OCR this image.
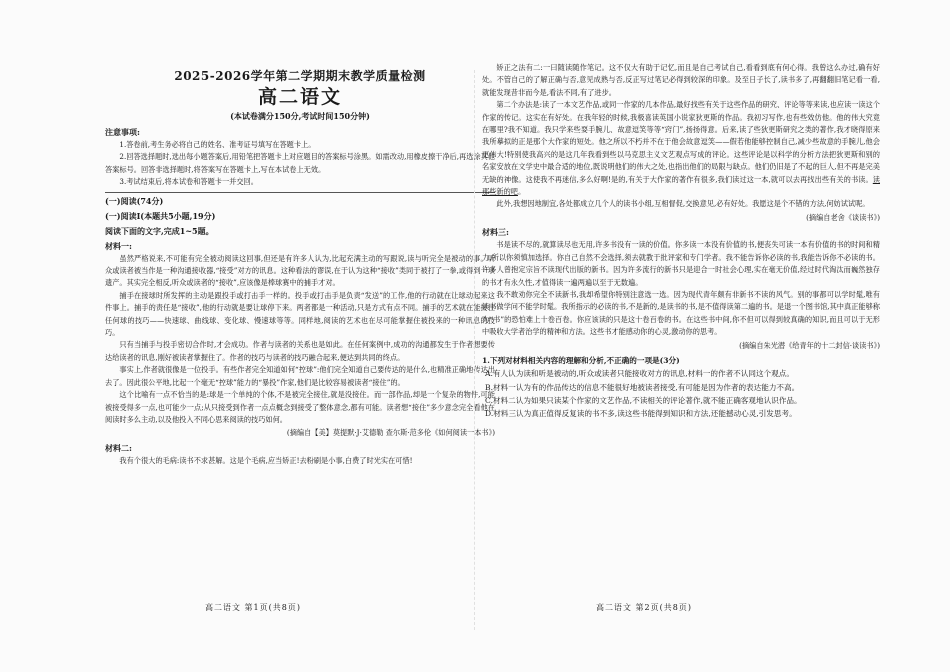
2025-2026学年第二学期期末教学质量检测
高二语文
(本试卷满分150分,考试时间150分钟)
注意事项:

1.答卷前,考生务必将自己的姓名、准考证号填写在答题卡上。

2.回答选择题时,选出每小题答案后,用铅笔把答题卡上对应题目的答案标号涂黑。如需改动,用橡皮擦干净后,再选涂其他答案标号。回答非选择题时,将答案写在答题卡上,写在本试卷上无效。

3.考试结束后,将本试卷和答题卡一并交回。

(一)阅读(74分)
(一)阅读Ⅰ(本题共5小题,19分)
阅读下面的文字,完成1~5题。
材料一:

虽然严格说来,不可能有完全被动阅读这回事,但还是有许多人认为,比起充满主动的写跟说,读与听完全是被动的事。听众或读者被当作是一种沟通接收器,“接受”对方的讯息。这种看法的谬误,在于认为这种“接收”类同于被打了一拳,或得到一项遗产。其实完全相反,听众或读者的“接收”,应该像是棒球赛中的捕手才对。

捕手在接球时所发挥的主动是跟投手或打击手一样的。投手或打击手是负责“发送”的工作,他的行动就在让球动起来这件事上。捕手的责任是“接收”,他的行动就是要让球停下来。两者都是一种活动,只是方式有点不同。捕手的艺术就在能接住任何球的技巧——快速球、曲线球、变化球、慢速球等等。同样地,阅读的艺术也在尽可能掌握住被投来的一种讯息的技巧。

只有当捕手与投手密切合作时,才会成功。作者与读者的关系也是如此。在任何案例中,成功的沟通都发生于作者想要传达给读者的讯息,刚好被读者掌握住了。作者的技巧与读者的技巧融合起来,便达到共同的终点。

事实上,作者就很像是一位投手。有些作者完全知道如何“控球”:他们完全知道自己要传达的是什么,也精准正确地传达出去了。因此很公平地,比起一个毫无“控球”能力的“暴投”作家,他们是比较容易被读者“接住”的。

这个比喻有一点不恰当的是:球是一个单纯的个体,不是被完全接住,就是没接住。而一部作品,却是一个复杂的物件,可能被接受得多一点,也可能少一点;从只接受到作者一点点概念到接受了整体意念,都有可能。读者想“接住”多少意念完全看他在阅读时多么主动,以及他投入不同心思来阅读的技巧如何。

(摘编自【美】莫提默·J·艾德勒 查尔斯·范多伦《如何阅读一本书》)
材料二:

我有个很大的毛病:读书不求甚解。这是个毛病,应当矫正!去粉刷是小事,白费了时光实在可惜!

矫正之法有二:一曰随读随作笔记。这不仅大有助于记忆,而且是自己考试自己,看看到底有何心得。我曾这么办过,确有好处。不管自己的了解正确与否,意见成熟与否,反正写过笔记必得到较深的印象。及至日子长了,读书多了,再翻翻旧笔记看一看,就能发现昔非而今是,看法不同,有了进步。

第二个办法是:读了一本文艺作品,或同一作家的几本作品,最好找些有关于这些作品的研究、评论等等来读,也应读一读这个作家的传记。这实在有好处。在我年轻的时候,我极喜读英国小说家狄更斯的作品。我初习写作,也有些效仿他。他的伟大究竟在哪里?我不知道。我只学来些耍手腕儿、故意逗笑等等“窍门”,扬扬得意。后来,读了些狄更斯研究之类的著作,我才晓得原来我所摹拟的正是那个大作家的短处。他之所以不朽并不在于他会故意逗笑——假若他能够控制自己,减少些故意的手腕儿,他会更伟大!特别使我高兴的是这几年我看到些以马克思主义文艺观点写成的评论。这些评论是以科学的分析方法把狄更斯和别的名家安放在文学史中最合适的地位,既说明他们的伟大之处,也指出他们的局限与缺点。他们仍旧是了不起的巨人,但不再是完美无缺的神像。这使我不再迷信,多么好啊!是的,有关于大作家的著作有很多,我们读过这一本,就可以去再找出些有关的书读。读那些新的吧。

此外,我想因地制宜,各处都成立几个人的读书小组,互相督促,交换意见,必有好处。我愿这是个不错的方法,何妨试试呢。

(摘编自老舍《谈读书》)
材料三:

书是读不尽的,就算读尽也无用,许多书没有一读的价值。你多读一本没有价值的书,便丧失可读一本有价值的书的时间和精力,所以你须慎加选择。你自己自然不会选择,须去就教于批评家和专门学者。我不能告诉你必读的书,我能告诉你不必读的书。许多人曾抱定宗旨不读现代出版的新书。因为许多流行的新书只是迎合一时社会心理,实在毫无价值,经过时代淘汰而巍然独存的书才有永久性,才值得读一遍两遍以至于无数遍。

我不敢劝你完全不读新书,我却希望你特别注意选一选。因为现代青年颇有非新书不读的风气。别的事都可以学时髦,唯有读书做学问不能学时髦。我所指示的必读的书,不是新的,是读书的书,是不值得读第二遍的书。是退一个图书馆,其中真正能够称为“书”的恐怕难上十卷百卷。你应该读的只是这十卷百卷的书。在这些书中间,你不但可以得到较真确的知识,而且可以于无形中吸收大学者治学的精神和方法。这些书才能感动你的心灵,激动你的思考。

(摘编自朱光潜《给青年的十二封信·谈读书》)
1.下列对材料相关内容的理解和分析,不正确的一项是(3分)

A.有人认为读和听是被动的,听众或读者只能接收对方的讯息,材料一的作者不认同这个观点。

B.材料一认为有的作品传达的信息不能很好地被读者接受,有可能是因为作者的表达能力不高。

C.材料二认为如果只读某个作家的文艺作品,不读相关的评论著作,就不能正确客观地认识作品。

D.材料三认为真正值得反复读的书不多,读这些书能得到知识和方法,还能撼动心灵,引发思考。

高二语文 第1页(共8页)	高二语文 第2页(共8页)
